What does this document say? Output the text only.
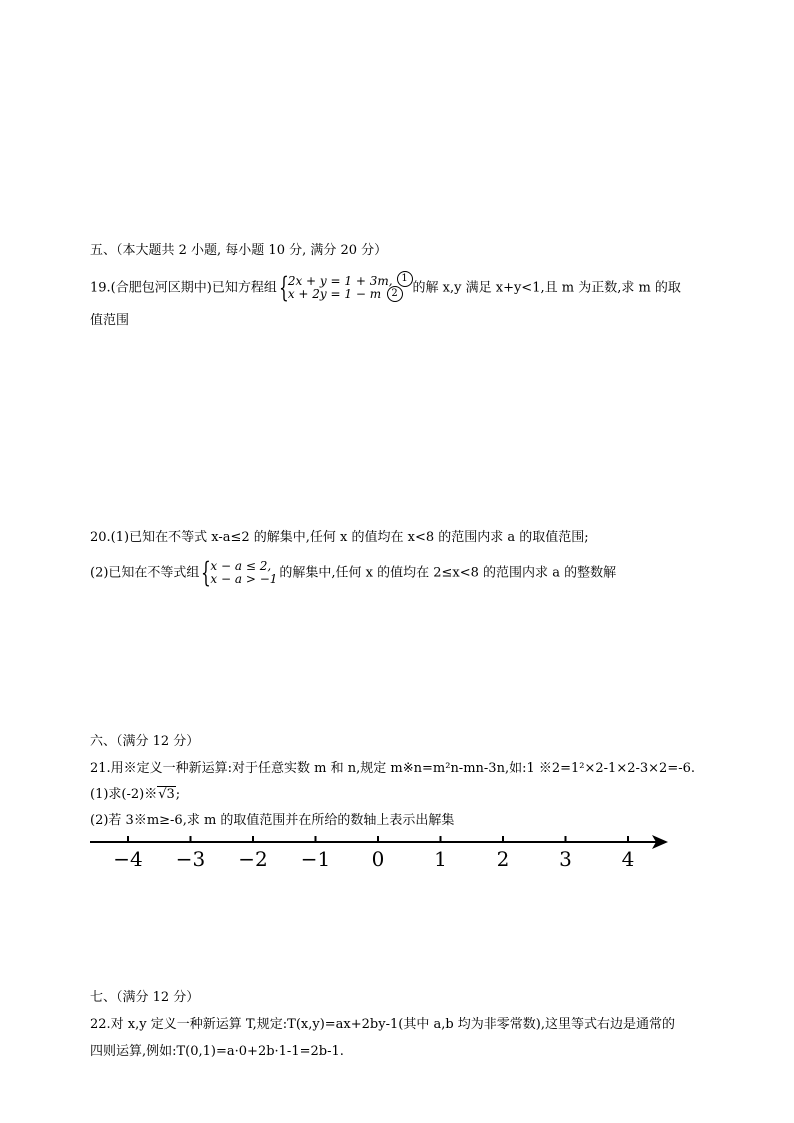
五、（本大题共 2 小题, 每小题 10 分, 满分 20 分）
19.(合肥包河区期中)已知方程组 { 2x + y = 1 + 3m,
x + 2y = 1 − m
1
2	的解 x,y 满足 x+y<1,且 m 为正数,求 m 的取
值范围
20.(1)已知在不等式 x-a≤2 的解集中,任何 x 的值均在 x<8 的范围内求 a 的取值范围;
(2)已知在不等式组 { x − a ≤ 2,
x − a > −1 的解集中,任何 x 的值均在 2≤x<8 的范围内求 a 的整数解
六、（满分 12 分）
21.用※定义一种新运算:对于任意实数 m 和 n,规定 m※n=m²n-mn-3n,如:1 ※2=1²×2-1×2-3×2=-6.
(1)求(-2)※√3;
(2)若 3※m≥-6,求 m 的取值范围并在所给的数轴上表示出解集
−4 −3 −2 −1 0 1 2 3 4
七、（满分 12 分）
22.对 x,y 定义一种新运算 T,规定:T(x,y)=ax+2by-1(其中 a,b 均为非零常数),这里等式右边是通常的
四则运算,例如:T(0,1)=a·0+2b·1-1=2b-1.
